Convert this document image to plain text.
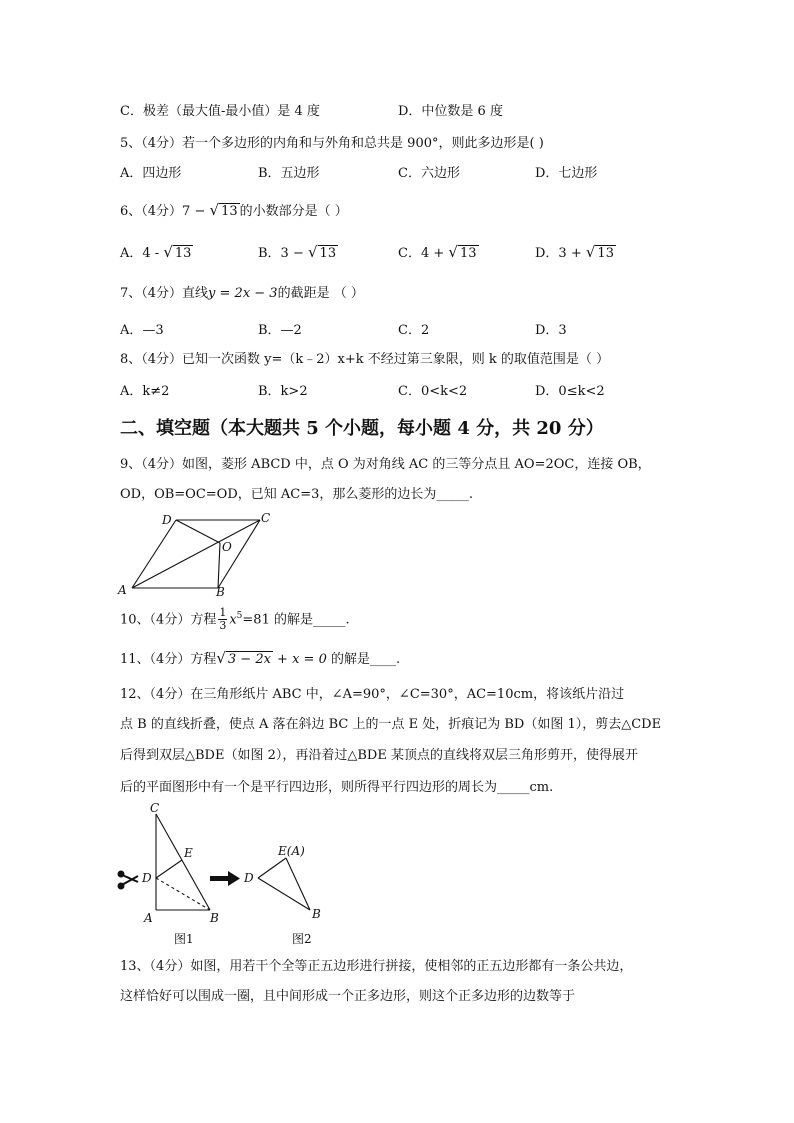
C．极差（最大值-最小值）是 4 度	D．中位数是 6 度
5、（4分）若一个多边形的内角和与外角和总共是 900°，则此多边形是( )
A．四边形	B．五边形	C．六边形	D．七边形
6、（4分）7 − √ 13 的小数部分是（ ）
A．4 - √ 13	B．3 − √ 13	C．4 + √ 13	D．3 + √ 13
7、（4分）直线y = 2x − 3的截距是 （ ）
A．—3	B．—2	C．2	D．3
8、（4分）已知一次函数 y=（k﹣2）x+k 不经过第三象限，则 k 的取值范围是（ ）
A．k≠2	B．k>2	C．0<k<2	D．0≤k<2
二、填空题（本大题共 5 个小题，每小题 4 分，共 20 分）
9、（4分）如图，菱形 ABCD 中，点 O 为对角线 AC 的三等分点且 AO=2OC，连接 OB，
OD，OB=OC=OD，已知 AC=3，那么菱形的边长为_____.
A	B
C
D
O
10、（4分）方程 $\frac{1}{3} x^5=81$ 的解是_____.
11、（4分）方程√ 3 − 2x + x = 0 的解是____.
12、（4分）在三角形纸片 ABC 中，∠A=90°，∠C=30°，AC=10cm，将该纸片沿过
点 B 的直线折叠，使点 A 落在斜边 BC 上的一点 E 处，折痕记为 BD（如图 1），剪去△CDE
后得到双层△BDE（如图 2），再沿着过△BDE 某顶点的直线将双层三角形剪开，使得展开
后的平面图形中有一个是平行四边形，则所得平行四边形的周长为_____cm.
C
E
D
A	B
E(A)
D
B
图1	图2
13、（4分）如图，用若干个全等正五边形进行拼接，使相邻的正五边形都有一条公共边，
这样恰好可以围成一圈，且中间形成一个正多边形，则这个正多边形的边数等于
